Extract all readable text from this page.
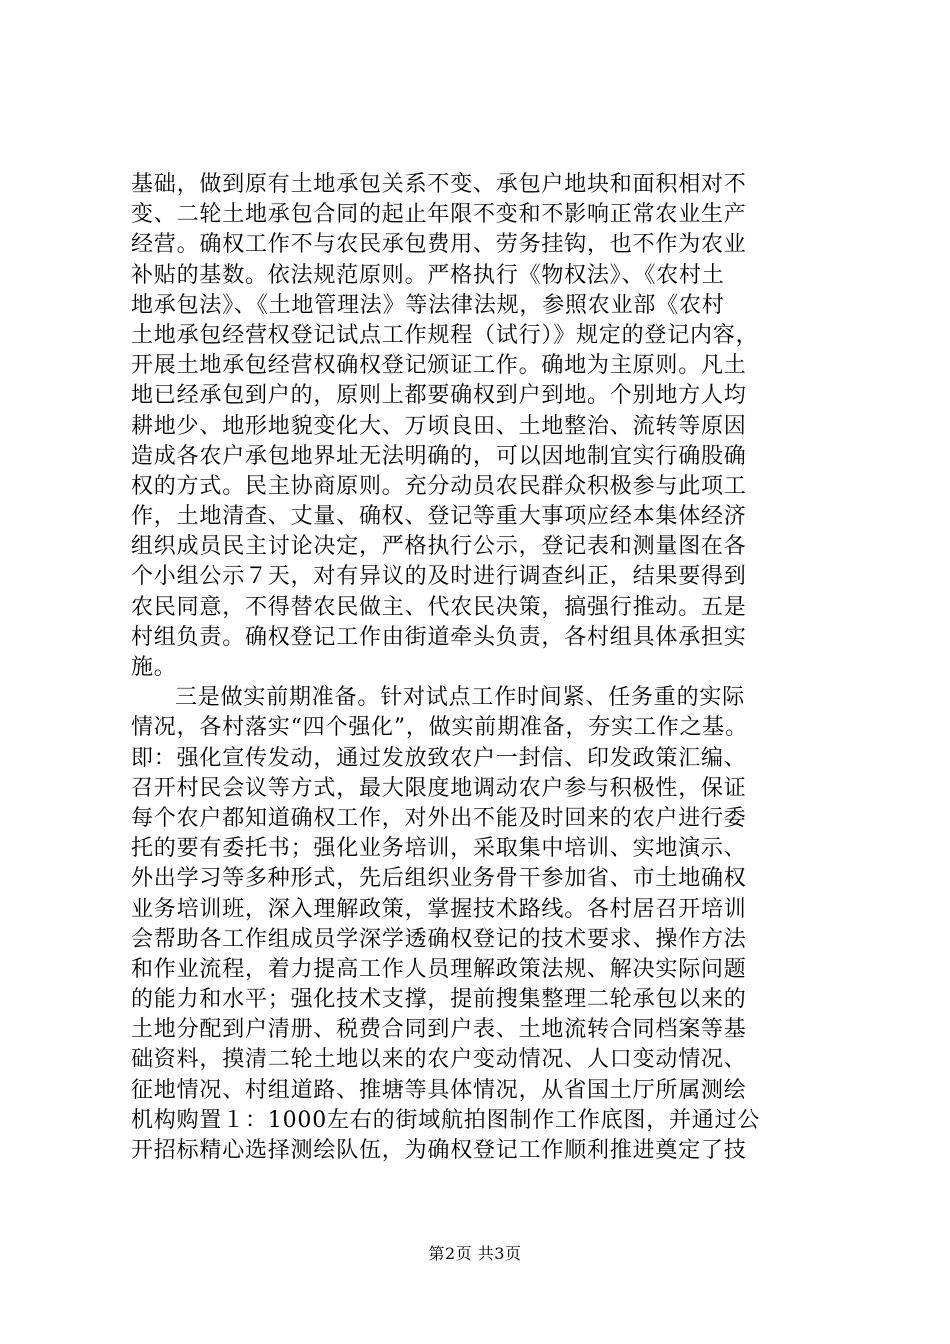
基础，做到原有土地承包关系不变、承包户地块和面积相对不
变、二轮土地承包合同的起止年限不变和不影响正常农业生产
经营。确权工作不与农民承包费用、劳务挂钩，也不作为农业
补贴的基数。依法规范原则。严格执行《物权法》、《农村土
地承包法》、《土地管理法》等法律法规，参照农业部《农村
土地承包经营权登记试点工作规程（试行）》规定的登记内容，
开展土地承包经营权确权登记颁证工作。确地为主原则。凡土
地已经承包到户的，原则上都要确权到户到地。个别地方人均
耕地少、地形地貌变化大、万顷良田、土地整治、流转等原因
造成各农户承包地界址无法明确的，可以因地制宜实行确股确
权的方式。民主协商原则。充分动员农民群众积极参与此项工
作，土地清查、丈量、确权、登记等重大事项应经本集体经济
组织成员民主讨论决定，严格执行公示，登记表和测量图在各
个小组公示７天，对有异议的及时进行调查纠正，结果要得到
农民同意，不得替农民做主、代农民决策，搞强行推动。五是
村组负责。确权登记工作由街道牵头负责，各村组具体承担实
施。
三是做实前期准备。针对试点工作时间紧、任务重的实际
情况，各村落实“四个强化”，做实前期准备，夯实工作之基。
即：强化宣传发动，通过发放致农户一封信、印发政策汇编、
召开村民会议等方式，最大限度地调动农户参与积极性，保证
每个农户都知道确权工作，对外出不能及时回来的农户进行委
托的要有委托书；强化业务培训，采取集中培训、实地演示、
外出学习等多种形式，先后组织业务骨干参加省、市土地确权
业务培训班，深入理解政策，掌握技术路线。各村居召开培训
会帮助各工作组成员学深学透确权登记的技术要求、操作方法
和作业流程，着力提高工作人员理解政策法规、解决实际问题
的能力和水平；强化技术支撑，提前搜集整理二轮承包以来的
土地分配到户清册、税费合同到户表、土地流转合同档案等基
础资料，摸清二轮土地以来的农户变动情况、人口变动情况、
征地情况、村组道路、推塘等具体情况，从省国土厅所属测绘
机构购置１：1000左右的街域航拍图制作工作底图，并通过公
开招标精心选择测绘队伍，为确权登记工作顺利推进奠定了技
第2页 共3页
